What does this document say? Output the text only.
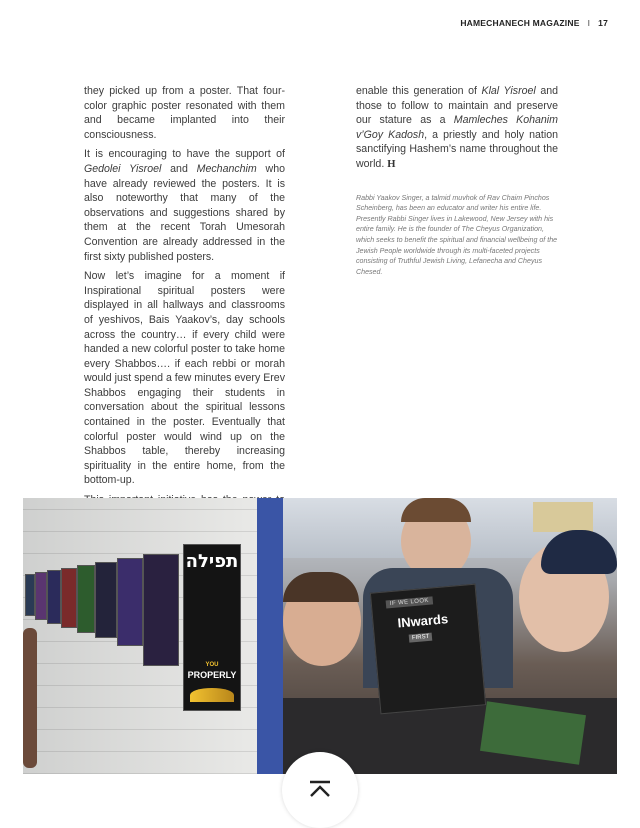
HAMECHANECH MAGAZINE I 17

they picked up from a poster. That four-color graphic poster resonated with them and became implanted into their consciousness.

It is encouraging to have the support of Gedolei Yisroel and Mechanchim who have already reviewed the posters. It is also noteworthy that many of the observations and suggestions shared by them at the recent Torah Umesorah Convention are already addressed in the first sixty published posters.

Now let’s imagine for a moment if Inspirational spiritual posters were displayed in all hallways and classrooms of yeshivos, Bais Yaakov’s, day schools across the country… if every child were handed a new colorful poster to take home every Shabbos…. if each rebbi or morah would just spend a few minutes every Erev Shabbos engaging their students in conversation about the spiritual lessons contained in the poster. Eventually that colorful poster would wind up on the Shabbos table, thereby increasing spirituality in the entire home, from the bottom-up.

enable this generation of Klal Yisroel and those to follow to maintain and preserve our stature as a Mamleches Kohanim v’Goy Kadosh, a priestly and holy nation sanctifying Hashem’s name throughout the world. H

Rabbi Yaakov Singer, a talmid muvhok of Rav Chaim Pinchos Scheinberg, has been an educator and writer his entire life. Presently Rabbi Singer lives in Lakewood, New Jersey with his entire family. He is the founder of The Cheyus Organization, which seeks to benefit the spiritual and financial wellbeing of the Jewish People worldwide through its multi-faceted projects consisting of Truthful Jewish Living, Lefanecha and Cheyus Chesed.
תפילה
YOU
PROPERLY
IF WE LOOK
INwards
FIRST
